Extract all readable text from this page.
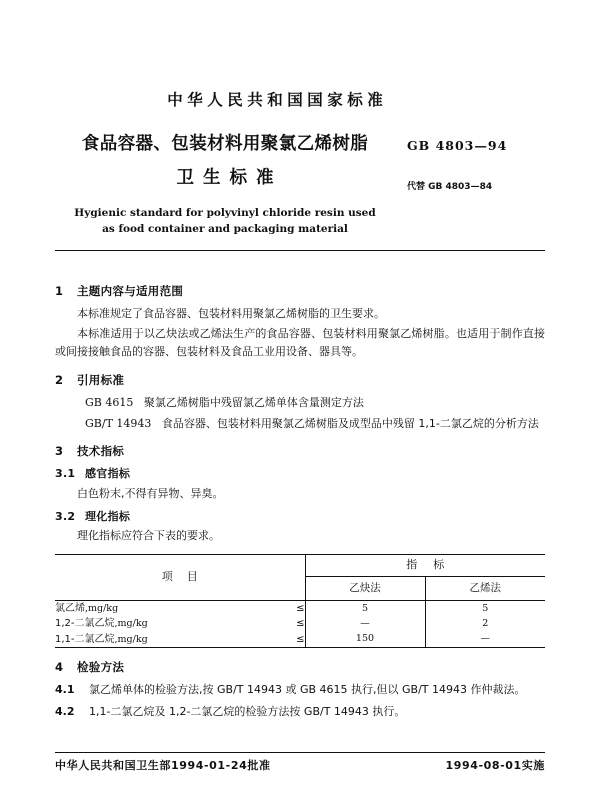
中华人民共和国国家标准
食品容器、包装材料用聚氯乙烯树脂
卫生标准
Hygienic standard for polyvinyl chloride resin used
as food container and packaging material
GB 4803—94
代替 GB 4803—84
1 主题内容与适用范围
本标准规定了食品容器、包装材料用聚氯乙烯树脂的卫生要求。
本标准适用于以乙炔法或乙烯法生产的食品容器、包装材料用聚氯乙烯树脂。也适用于制作直接或间接接触食品的容器、包装材料及食品工业用设备、器具等。
2 引用标准
GB 4615 聚氯乙烯树脂中残留氯乙烯单体含量测定方法
GB/T 14943 食品容器、包装材料用聚氯乙烯树脂及成型品中残留 1,1-二氯乙烷的分析方法
3 技术指标
3.1 感官指标
白色粉末,不得有异物、异臭。
3.2 理化指标
理化指标应符合下表的要求。
项目		指标	
		乙炔法	乙烯法
氯乙烯,mg/kg	≤	5	5
1,2-二氯乙烷,mg/kg	≤	—	2
1,1-二氯乙烷,mg/kg	≤	150	—
4 检验方法
4.1 氯乙烯单体的检验方法,按 GB/T 14943 或 GB 4615 执行,但以 GB/T 14943 作仲裁法。
4.2 1,1-二氯乙烷及 1,2-二氯乙烷的检验方法按 GB/T 14943 执行。
中华人民共和国卫生部1994-01-24批准	1994-08-01实施
